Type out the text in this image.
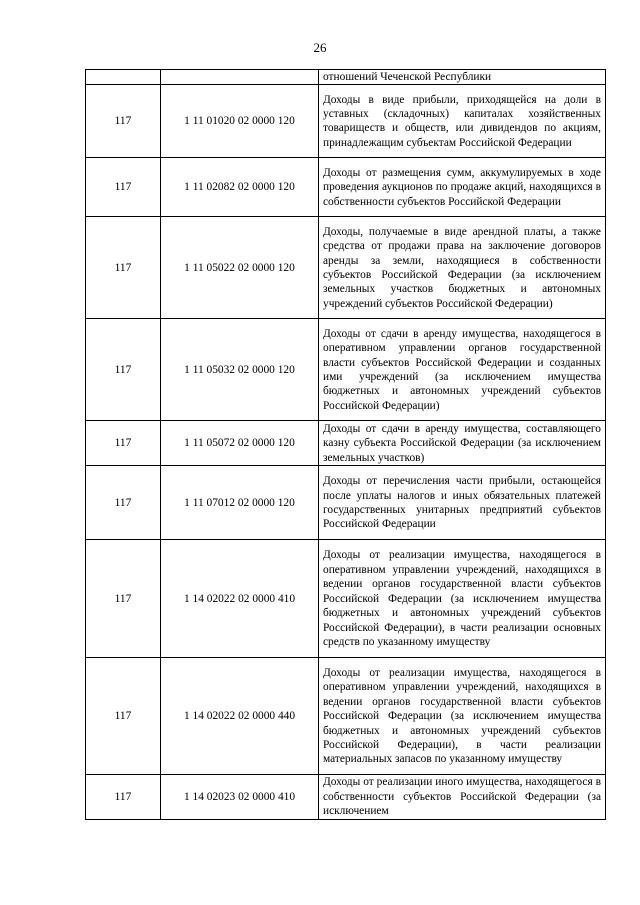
26

		отношений Чеченской Республики

117	1 11 01020 02 0000 120	Доходы в виде прибыли, приходящейся на доли в уставных (складочных) капиталах хозяйственных товариществ и обществ, или дивидендов по акциям, принадлежащим субъектам Российской Федерации

117	1 11 02082 02 0000 120	Доходы от размещения сумм, аккумулируемых в ходе проведения аукционов по продаже акций, находящихся в собственности субъектов Российской Федерации

117	1 11 05022 02 0000 120	Доходы, получаемые в виде арендной платы, а также средства от продажи права на заключение договоров аренды за земли, находящиеся в собственности субъектов Российской Федерации (за исключением земельных участков бюджетных и автономных учреждений субъектов Российской Федерации)

117	1 11 05032 02 0000 120	Доходы от сдачи в аренду имущества, находящегося в оперативном управлении органов государственной власти субъектов Российской Федерации и созданных ими учреждений (за исключением имущества бюджетных и автономных учреждений субъектов Российской Федерации)

117	1 11 05072 02 0000 120	Доходы от сдачи в аренду имущества, составляющего казну субъекта Российской Федерации (за исключением земельных участков)

117	1 11 07012 02 0000 120	Доходы от перечисления части прибыли, остающейся после уплаты налогов и иных обязательных платежей государственных унитарных предприятий субъектов Российской Федерации

117	1 14 02022 02 0000 410	Доходы от реализации имущества, находящегося в оперативном управлении учреждений, находящихся в ведении органов государственной власти субъектов Российской Федерации (за исключением имущества бюджетных и автономных учреждений субъектов Российской Федерации), в части реализации основных средств по указанному имуществу

117	1 14 02022 02 0000 440	Доходы от реализации имущества, находящегося в оперативном управлении учреждений, находящихся в ведении органов государственной власти субъектов Российской Федерации (за исключением имущества бюджетных и автономных учреждений субъектов Российской Федерации), в части реализации материальных запасов по указанному имуществу

117	1 14 02023 02 0000 410	Доходы от реализации иного имущества, находящегося в собственности субъектов Российской Федерации (за исключением
